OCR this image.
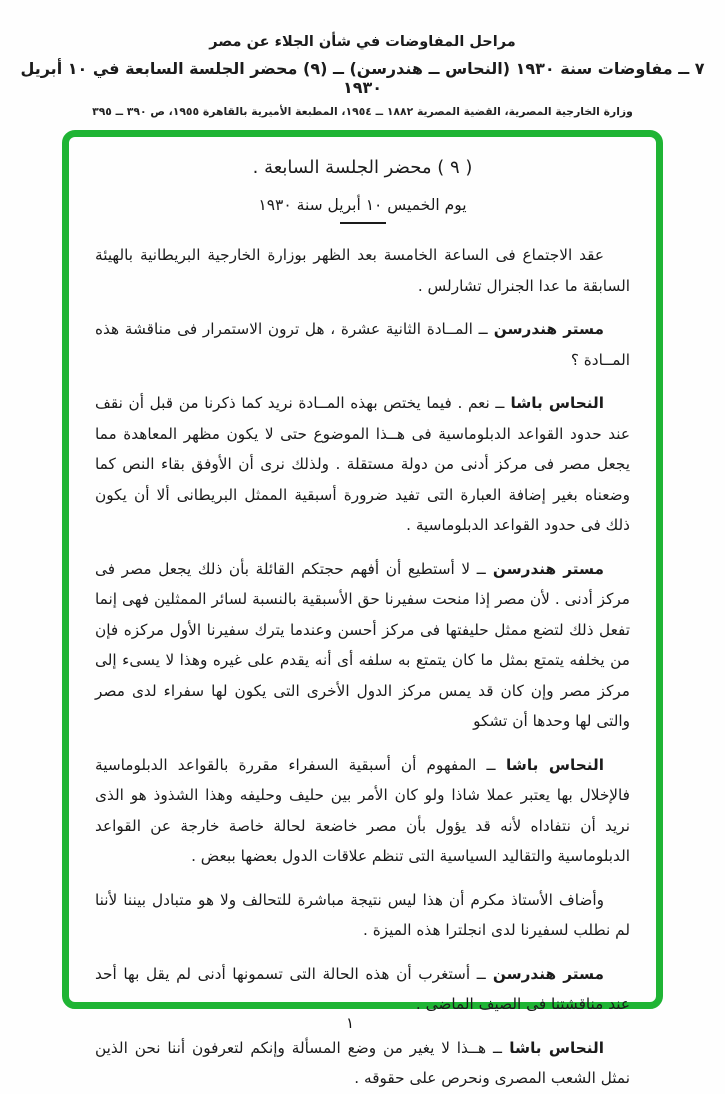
مراحل المفاوضات في شأن الجلاء عن مصر
٧ ــ مفاوضات سنة ١٩٣٠ (النحاس ــ هندرسن) ــ (٩) محضر الجلسة السابعة في ١٠ أبريل ١٩٣٠
وزارة الخارجية المصرية، القضية المصرية ١٨٨٢ ــ ١٩٥٤، المطبعة الأميرية بالقاهرة ١٩٥٥، ص ٣٩٠ ــ ٣٩٥
( ٩ ) محضر الجلسة السابعة .
يوم الخميس ١٠ أبريل سنة ١٩٣٠

عقد الاجتماع فى الساعة الخامسة بعد الظهر بوزارة الخارجية البريطانية بالهيئة السابقة ما عدا الجنرال تشارلس .

مستر هندرسن ــ المــادة الثانية عشرة ، هل ترون الاستمرار فى مناقشة هذه المــادة ؟

النحاس باشا ــ نعم . فيما يختص بهذه المــادة نريد كما ذكرنا من قبل أن نقف عند حدود القواعد الدبلوماسية فى هــذا الموضوع حتى لا يكون مظهر المعاهدة مما يجعل مصر فى مركز أدنى من دولة مستقلة . ولذلك نرى أن الأوفق بقاء النص كما وضعناه بغير إضافة العبارة التى تفيد ضرورة أسبقية الممثل البريطانى ألا أن يكون ذلك فى حدود القواعد الدبلوماسية .

مستر هندرسن ــ لا أستطيع أن أفهم حجتكم القائلة بأن ذلك يجعل مصر فى مركز أدنى . لأن مصر إذا منحت سفيرنا حق الأسبقية بالنسبة لسائر الممثلين فهى إنما تفعل ذلك لتضع ممثل حليفتها فى مركز أحسن وعندما يترك سفيرنا الأول مركزه فإن من يخلفه يتمتع بمثل ما كان يتمتع به سلفه أى أنه يقدم على غيره وهذا لا يسىء إلى مركز مصر وإن كان قد يمس مركز الدول الأخرى التى يكون لها سفراء لدى مصر والتى لها وحدها أن تشكو

النحاس باشا ــ المفهوم أن أسبقية السفراء مقررة بالقواعد الدبلوماسية فالإخلال بها يعتبر عملا شاذا ولو كان الأمر بين حليف وحليفه وهذا الشذوذ هو الذى نريد أن نتفاداه لأنه قد يؤول بأن مصر خاضعة لحالة خاصة خارجة عن القواعد الدبلوماسية والتقاليد السياسية التى تنظم علاقات الدول بعضها ببعض .

وأضاف الأستاذ مكرم أن هذا ليس نتيجة مباشرة للتحالف ولا هو متبادل بيننا لأننا لم نطلب لسفيرنا لدى انجلترا هذه الميزة .

مستر هندرسن ــ أستغرب أن هذه الحالة التى تسمونها أدنى لم يقل بها أحد عند مناقشتنا فى الصيف الماضى .

النحاس باشا ــ هــذا لا يغير من وضع المسألة وإنكم لتعرفون أننا نحن الذين نمثل الشعب المصرى ونحرص على حقوقه .

١
